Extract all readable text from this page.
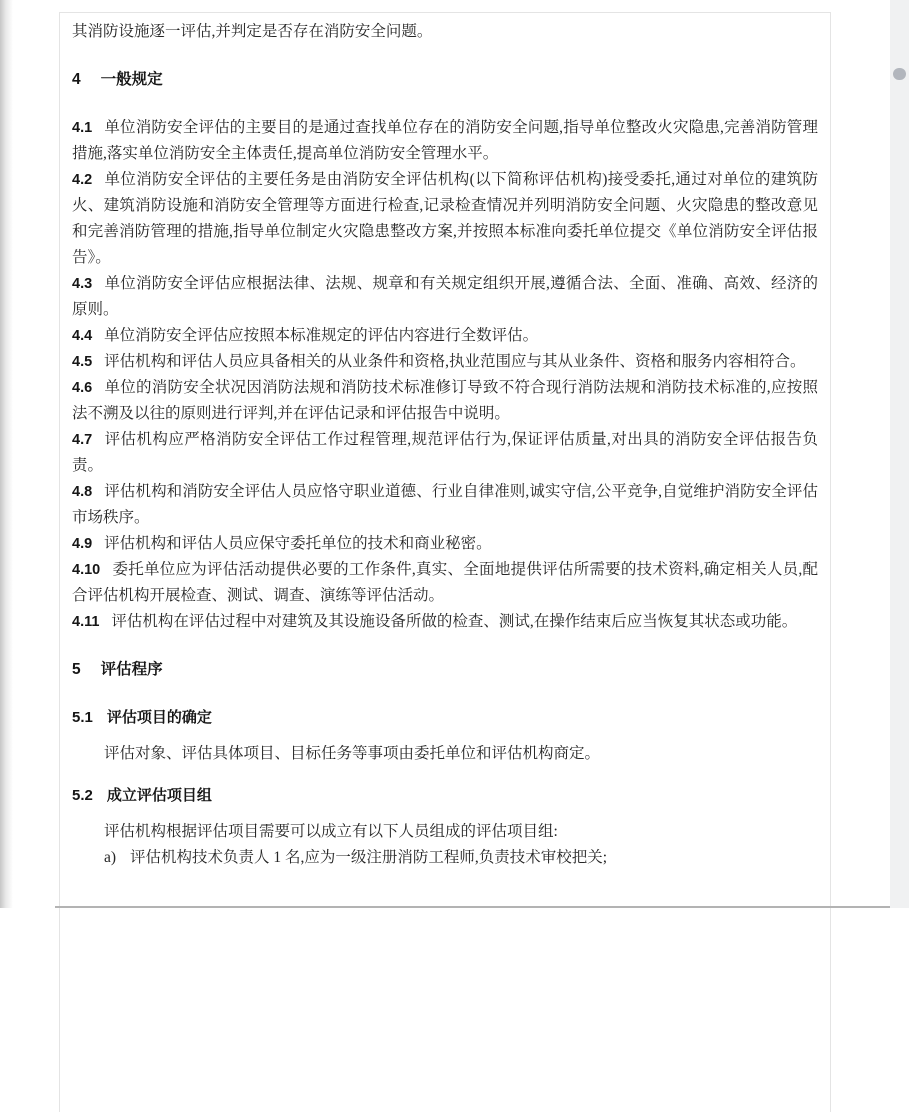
其消防设施逐一评估,并判定是否存在消防安全问题。

4 一般规定

4.1 单位消防安全评估的主要目的是通过查找单位存在的消防安全问题,指导单位整改火灾隐患,完善消防管理措施,落实单位消防安全主体责任,提高单位消防安全管理水平。

4.2 单位消防安全评估的主要任务是由消防安全评估机构(以下简称评估机构)接受委托,通过对单位的建筑防火、建筑消防设施和消防安全管理等方面进行检查,记录检查情况并列明消防安全问题、火灾隐患的整改意见和完善消防管理的措施,指导单位制定火灾隐患整改方案,并按照本标准向委托单位提交《单位消防安全评估报告》。

4.3 单位消防安全评估应根据法律、法规、规章和有关规定组织开展,遵循合法、全面、准确、高效、经济的原则。

4.4 单位消防安全评估应按照本标准规定的评估内容进行全数评估。

4.5 评估机构和评估人员应具备相关的从业条件和资格,执业范围应与其从业条件、资格和服务内容相符合。

4.6 单位的消防安全状况因消防法规和消防技术标准修订导致不符合现行消防法规和消防技术标准的,应按照法不溯及以往的原则进行评判,并在评估记录和评估报告中说明。

4.7 评估机构应严格消防安全评估工作过程管理,规范评估行为,保证评估质量,对出具的消防安全评估报告负责。

4.8 评估机构和消防安全评估人员应恪守职业道德、行业自律准则,诚实守信,公平竞争,自觉维护消防安全评估市场秩序。

4.9 评估机构和评估人员应保守委托单位的技术和商业秘密。

4.10 委托单位应为评估活动提供必要的工作条件,真实、全面地提供评估所需要的技术资料,确定相关人员,配合评估机构开展检查、测试、调查、演练等评估活动。

4.11 评估机构在评估过程中对建筑及其设施设备所做的检查、测试,在操作结束后应当恢复其状态或功能。

5 评估程序
5.1 评估项目的确定

评估对象、评估具体项目、目标任务等事项由委托单位和评估机构商定。

5.2 成立评估项目组

评估机构根据评估项目需要可以成立有以下人员组成的评估项目组:

a) 评估机构技术负责人 1 名,应为一级注册消防工程师,负责技术审校把关;
